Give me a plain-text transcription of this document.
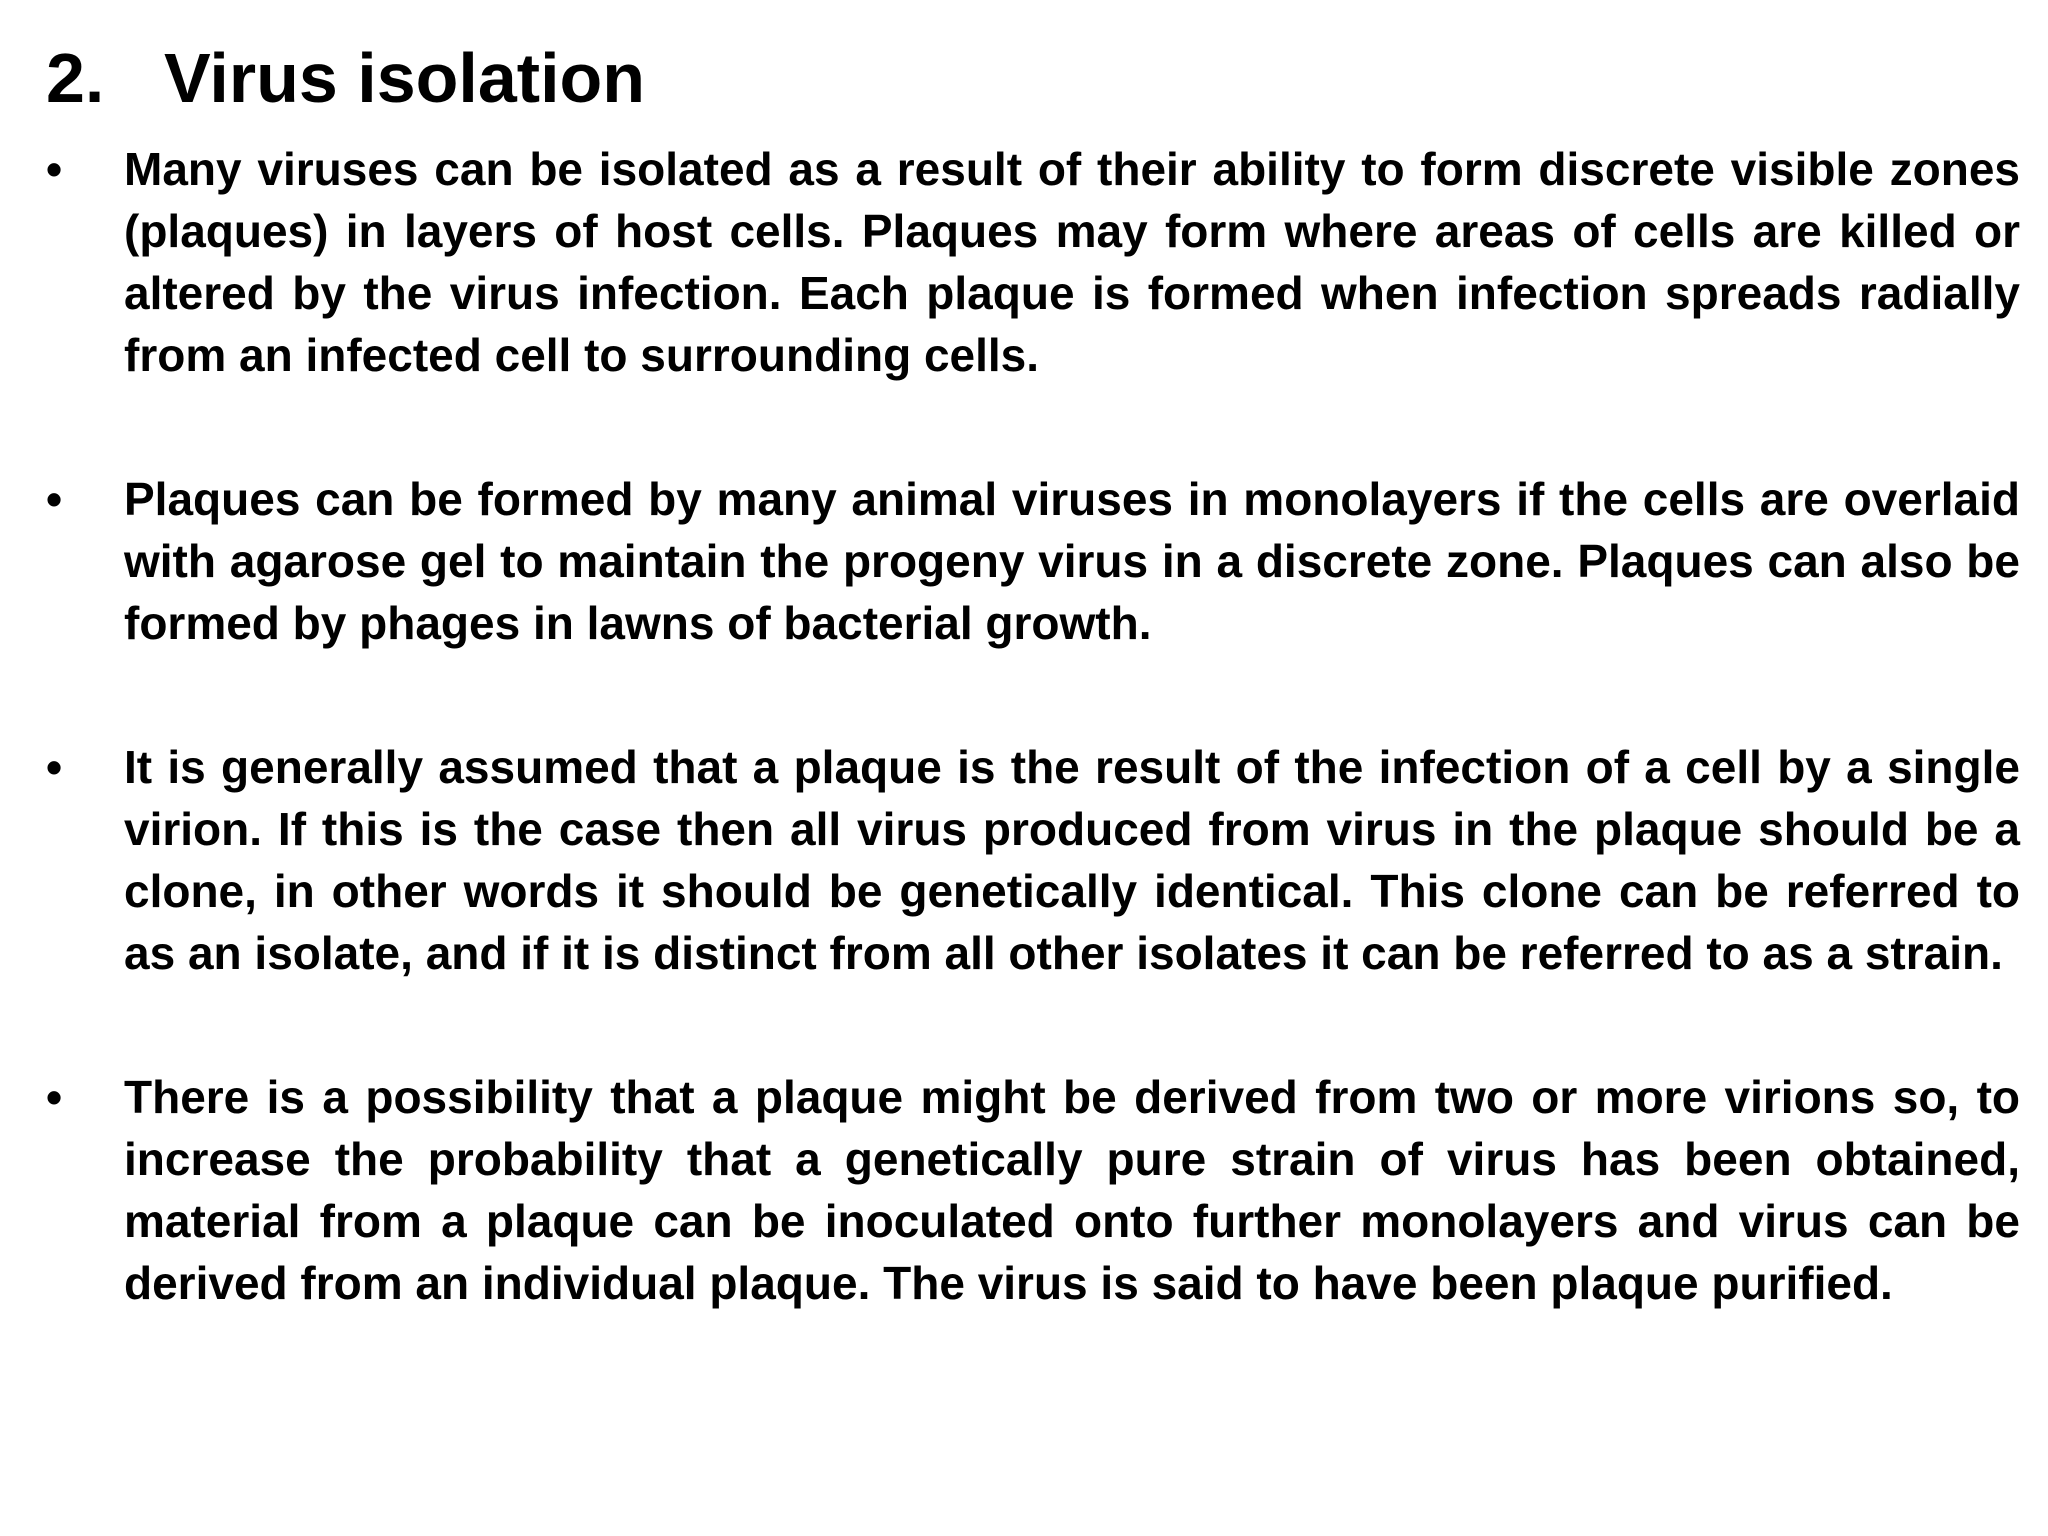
2. Virus isolation
• Many viruses can be isolated as a result of their ability to form discrete visible zones (plaques) in layers of host cells. Plaques may form where areas of cells are killed or altered by the virus infection. Each plaque is formed when infection spreads radially from an infected cell to surrounding cells.
• Plaques can be formed by many animal viruses in monolayers if the cells are overlaid with agarose gel to maintain the progeny virus in a discrete zone. Plaques can also be formed by phages in lawns of bacterial growth.
• It is generally assumed that a plaque is the result of the infection of a cell by a single virion. If this is the case then all virus produced from virus in the plaque should be a clone, in other words it should be genetically identical. This clone can be referred to as an isolate, and if it is distinct from all other isolates it can be referred to as a strain.
• There is a possibility that a plaque might be derived from two or more virions so, to increase the probability that a genetically pure strain of virus has been obtained, material from a plaque can be inoculated onto further monolayers and virus can be derived from an individual plaque. The virus is said to have been plaque purified.
